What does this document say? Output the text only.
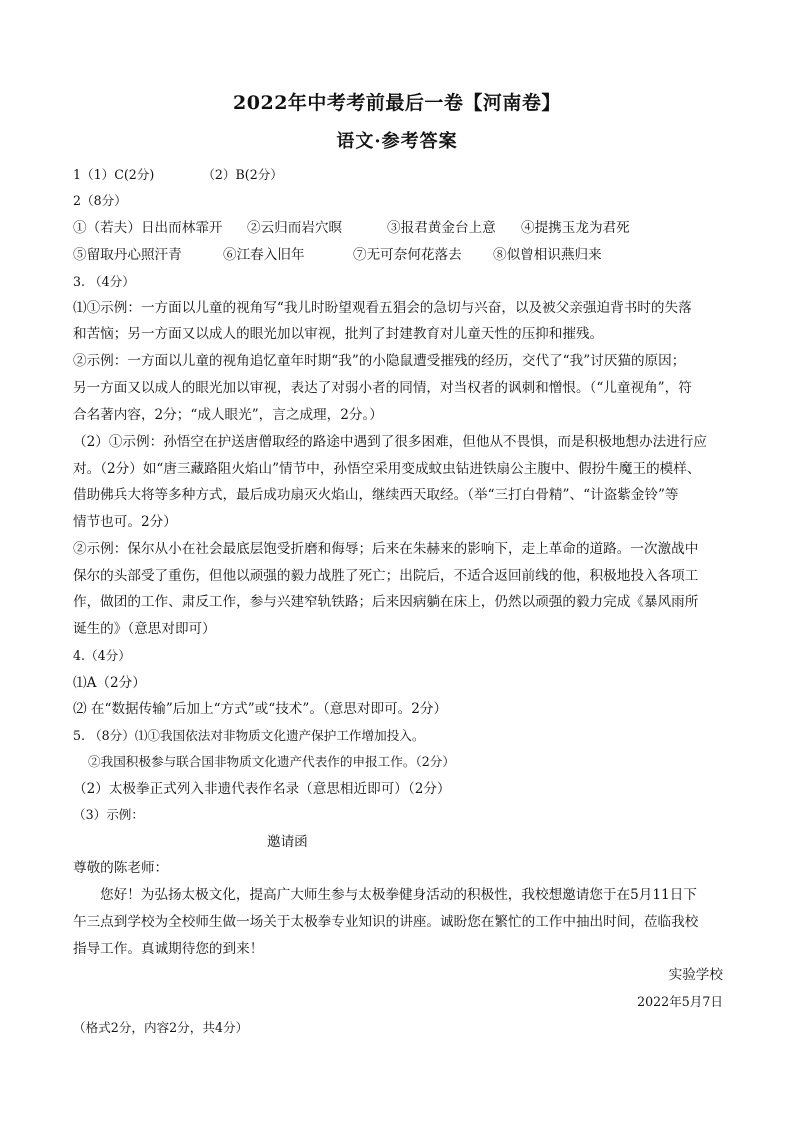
2022年中考考前最后一卷【河南卷】
语文·参考答案
1（1）C(2分)	（2）B(2分）
2（8分）
①（若夫）日出而林霏开 ②云归而岩穴暝	③报君黄金台上意 ④提携玉龙为君死
⑤留取丹心照汗青	⑥江春入旧年	⑦无可奈何花落去 ⑧似曾相识燕归来
3. （4分）
⑴①示例：一方面以儿童的视角写“我儿时盼望观看五猖会的急切与兴奋，以及被父亲强迫背书时的失落
和苦恼；另一方面又以成人的眼光加以审视，批判了封建教育对儿童天性的压抑和摧残。
②示例：一方面以儿童的视角追忆童年时期“我”的小隐鼠遭受摧残的经历，交代了“我”讨厌猫的原因；
另一方面又以成人的眼光加以审视，表达了对弱小者的同情，对当权者的讽刺和憎恨。（“儿童视角”，符
合名著内容，2分；“成人眼光”，言之成理，2分。）
（2）①示例：孙悟空在护送唐僧取经的路途中遇到了很多困难，但他从不畏惧，而是积极地想办法进行应
对。（2分）如“唐三藏路阻火焰山”情节中，孙悟空采用变成蚊虫钻进铁扇公主腹中、假扮牛魔王的模样、
借助佛兵大将等多种方式，最后成功扇灭火焰山，继续西天取经。（举“三打白骨精”、“计盗紫金铃”等
情节也可。2分）
②示例：保尔从小在社会最底层饱受折磨和侮辱；后来在朱赫来的影响下，走上革命的道路。一次激战中
保尔的头部受了重伤，但他以顽强的毅力战胜了死亡；出院后，不适合返回前线的他，积极地投入各项工
作，做团的工作、肃反工作，参与兴建窄轨铁路；后来因病躺在床上，仍然以顽强的毅力完成《暴风雨所
诞生的》（意思对即可）
4.（4分）
⑴A（2分）
⑵ 在“数据传输”后加上“方式”或“技术”。（意思对即可。2分）
5. （8分）⑴①我国依法对非物质文化遗产保护工作增加投入。
②我国积极参与联合国非物质文化遗产代表作的申报工作。（2分）
（2）太极拳正式列入非遗代表作名录（意思相近即可）（2分）
（3）示例：
邀请函
尊敬的陈老师：
您好！为弘扬太极文化，提高广大师生参与太极拳健身活动的积极性，我校想邀请您于在5月11日下
午三点到学校为全校师生做一场关于太极拳专业知识的讲座。诚盼您在繁忙的工作中抽出时间，莅临我校
指导工作。真诚期待您的到来！
实验学校
2022年5月7日
（格式2分，内容2分，共4分）
